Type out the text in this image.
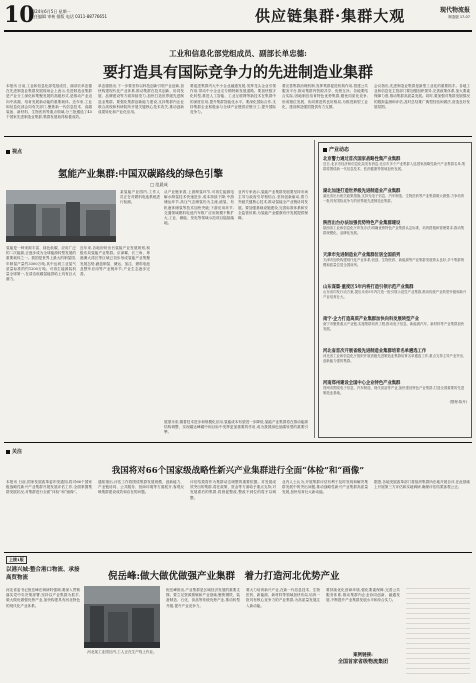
10
2024年6月5日 星期一
责任编辑 审核 排版 电话 0311-88776651	供应链集群·集群大观	现代物流报
制造版 17-07
工业和信息化部党组成员、副部长单忠德:
要打造具有国际竞争力的先进制造业集群
本报讯 日前,工业和信息化部党组成员、副部长单忠德在先进制造业集群发展现场会上表示,先进制造业集群是产业分工深化和集聚发展的高级形式,是推动产业迈向中高端、培育发展新动能的重要载体。近年来,工业和信息化部会同有关部门,聚焦新一代信息技术、高端装备、新材料、生物医药等重点领域,分三批遴选了45个国家先进制造业集群,集群发展取得积极成效。
单忠德指出,下一步要坚持以科技创新引领产业创新,加快构建现代化产业体系,推动集群在技术创新、协同发展、品牌建设等方面持续发力,加快打造世界级先进制造业集群。要强化集群创新能力建设,支持集群内企业联合高校和科研院所开展关键核心技术攻关,推动创新成果转化和产业化应用。
要促进集群内大中小企业融通发展,发挥龙头企业引领作用,带动中小企业走专精特新发展道路。要加快数字化转型,推进人工智能、工业互联网等新技术在集群中的深度应用,提升集群智能化水平。要深化国际合作,支持集群企业积极参与全球产业链供应链分工,提升国际竞争力。
要完善集群治理机制,发挥集群促进机构作用,搭建公共服务平台,推动集群内资源共享、优势互补。各地要结合实际,因地制宜培育特色优势集群,避免同质化竞争,形成错位发展、协同推进的良好格局,为推进新型工业化、建设制造强国提供有力支撑。
会议指出,先进制造业集群是新型工业化的重要抓手。各地工业和信息化主管部门要加强组织领导,完善政策体系,加大要素保障力度,推动集群高质量发展。同时,要加强对集群发展情况的跟踪监测和评估,及时总结推广典型经验和做法,营造良好发展氛围。
视点
氢能产业集群:中国双碳路线的绿色引擎
□ 范晨成
某氢能产业园内,工作人员正在对燃料电池系统进行检测。
氢能是一种来源丰富、绿色低碳、应用广泛的二次能源,正逐步成为全球能源转型发展的重要载体之一。我国是世界上最大的制氢国,年制氢产量约3300万吨,其中达到工业氢气质量标准的约1200万吨。可再生能源装机量全球第一,在清洁低碳氢能供给上具有巨大潜力。
近年来,各地纷纷出台氢能产业发展规划,积极布局氢能产业集群。京津冀、长三角、粤港澳大湾区等区域已初步形成氢能产业集聚发展态势,涵盖制氢、储运、加注、燃料电池及整车应用等产业链环节,产业生态逐步完善。
从产业链来看,上游制氢环节,可再生能源电解水制氢技术快速进步,成本持续下降;中游储运环节,高压气态储氢仍为主流,液氢、有机液体储氢等技术加快突破;下游应用环节,交通领域燃料电池汽车推广应用规模不断扩大,工业、储能、发电等领域示范项目陆续落地。
业内专家表示,氢能产业集群发展要坚持市场主导与政府引导相结合,坚持创新驱动,着力突破关键核心技术,推动氢能全产业链协同发展。要加强基础设施建设,完善标准体系和安全监管体系,为氢能产业健康有序发展提供保障。
展望未来,随着技术进步和规模化应用,氢能成本有望进一步降低,氢能产业集群将在推动能源结构调整、实现碳达峰碳中和目标中发挥更加重要的作用,成为我国绿色低碳转型的重要引擎。
产业动态
北京警力通过首次国家战略性集产业集群
近日,北京市经济和信息化局发布消息,北京市多个产业集群入选国家战略性新兴产业集群名单,集群将围绕新一代信息技术、医药健康等领域加快发展。
湖北加速打造世界级先进制造业产业集群
湖北省出台相关政策措施,支持光电子信息、汽车制造、生物医药等产业集群做大做强,力争培育一批具有国际竞争力的世界级先进制造业集群。
陕西出台办法加强优势特色产业集群建设
陕西省工业和信息化厅印发办法,明确优势特色产业集群认定标准、培育措施和管理要求,推动集群规模化、品牌化发展。
天津市先进制造业产业集群位居全国前列
天津市加快构建现代化产业体系,信创、生物医药、新能源等产业集群发展势头良好,多个集群规模和质量位居全国前列。
山东谋篇·重度区5年内将打造引领示范产业集群
山东省印发行动方案,提出未来5年内打造一批引领示范性产业集群,推动传统产业转型升级和新兴产业培育壮大。
南宁·企力打造高质产业集群加快向科发展转型产业
南宁市聚焦重点产业链,实施集群培育工程,推动电子信息、新能源汽车、新材料等产业集群加快发展。
河北省首次开展省级先进制造业集群培育名单遴选工作
河北省工业和信息化厅组织开展省级先进制造业集群培育名单遴选工作,重点支持主导产业突出、创新能力强的集群。
河南郑州建设全国中心企业特色产业集群
郑州市围绕电子信息、汽车制造、现代食品等产业,加快建设特色产业集群,打造全国重要的先进制造业基地。
(整理:陈丹)
关注
我国将对66个国家级战略性新兴产业集群进行全面“体检”和“画像”
本报讯 日前,国家发展改革委印发通知,将对66个国家级战略性新兴产业集群开展发展评估工作,全面掌握集群发展状况,对集群进行全面“体检”和“画像”。
通知指出,评估工作将围绕集群发展规模、创新能力、产业链协同、公共服务、营商环境等方面展开,客观反映集群建设成效和存在的问题。
评估结果将作为集群动态调整的重要依据。对发展成效突出的集群,将在政策、资金等方面给予重点支持;对发展滞后的集群,将督促整改,整改不到位的将予以调整。
业内人士认为,开展集群评估有利于及时发现和解决集群发展中的突出问题,推动战略性新兴产业集群高质量发展,加快培育壮大新动能。
据悉,各地发展改革部门将组织集群所在地开展自评,在此基础上开展第三方评估和实地调研,确保评估结果客观公正。
上接1版
以港兴城:整合港口物流、承接高贸物流	倪岳峰:做大做优做强产业集群　着力打造河北优势产业
河北省委书记倪岳峰在调研时强调,要深入贯彻落实党中央决策部署,坚持以产业集群为抓手,做大做优做强优势产业,加快构建具有河北特色的现代化产业体系。
河北某工业园区内,工人正在生产线上作业。
倪岳峰指出,产业集群是区域经济发展的重要支撑。要立足资源禀赋和产业基础,聚焦钢铁、装备制造、石化、食品等传统优势产业,推动转型升级,提升产业竞争力。
要大力培育新兴产业,在新一代信息技术、生物医药、新能源、新材料等领域加快布局,培育一批具有核心竞争力的产业集群,为高质量发展注入新动能。
要持续优化营商环境,强化要素保障,完善公共服务体系,推动集群内企业协同创新、融通发展,不断提升产业集群发展水平和综合实力。
案例链接:
全国首家省级物流集团
